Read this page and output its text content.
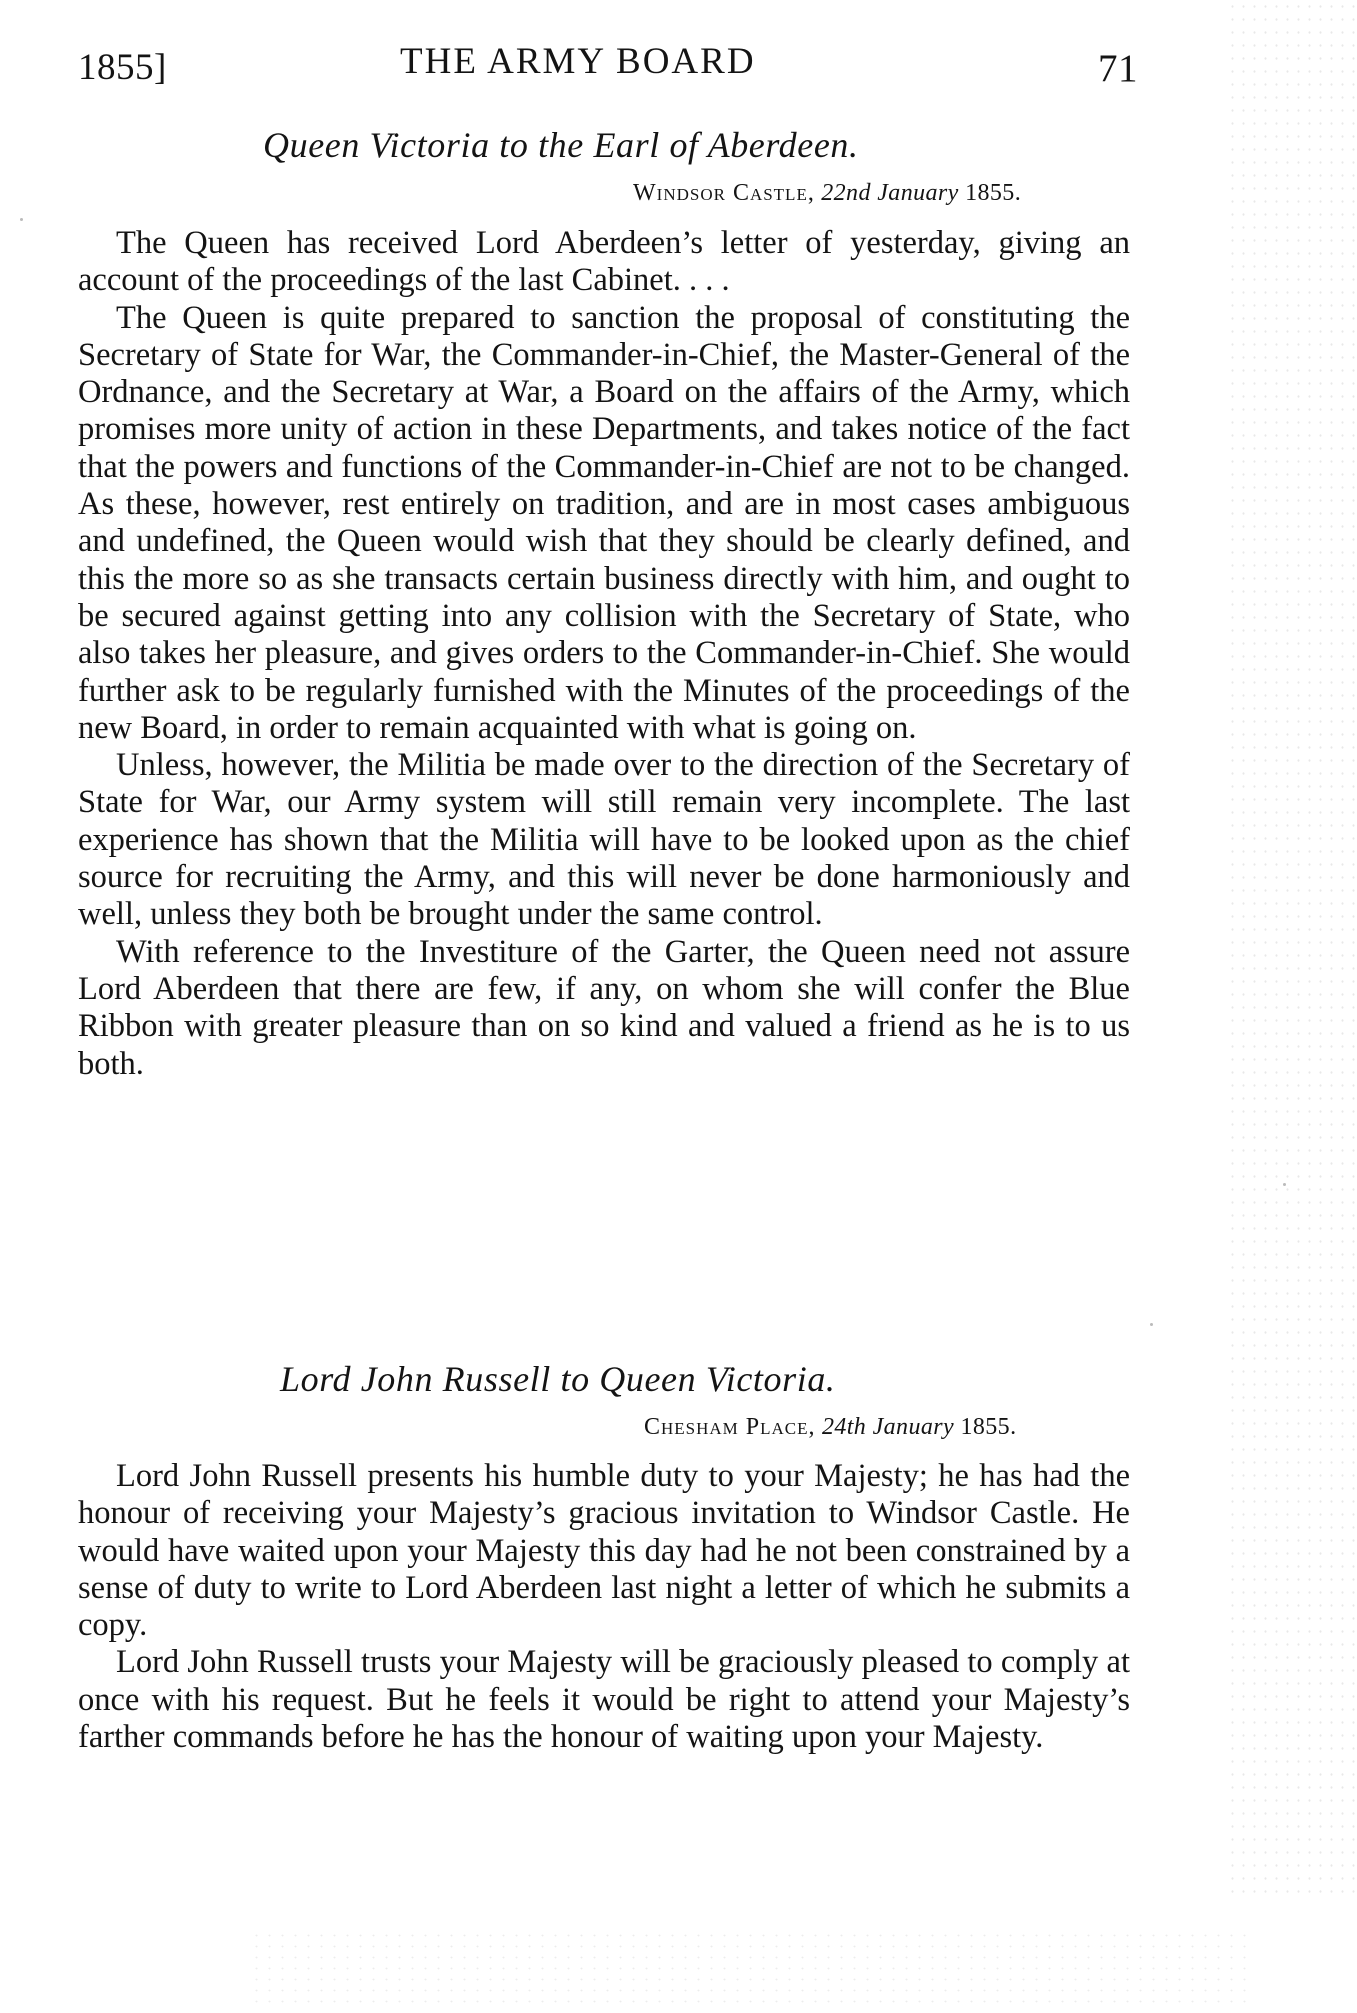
1855]	THE ARMY BOARD	71
Queen Victoria to the Earl of Aberdeen.
Windsor Castle, 22nd January 1855.

The Queen has received Lord Aberdeen’s letter of yesterday, giving an account of the proceedings of the last Cabinet. . . .

The Queen is quite prepared to sanction the proposal of constituting the Secretary of State for War, the Commander-in-Chief, the Master-General of the Ordnance, and the Secretary at War, a Board on the affairs of the Army, which promises more unity of action in these Departments, and takes notice of the fact that the powers and functions of the Commander-in-Chief are not to be changed. As these, however, rest entirely on tradition, and are in most cases ambiguous and undefined, the Queen would wish that they should be clearly defined, and this the more so as she transacts certain business directly with him, and ought to be secured against getting into any collision with the Secretary of State, who also takes her pleasure, and gives orders to the Commander-in-Chief. She would further ask to be regularly furnished with the Minutes of the proceedings of the new Board, in order to remain acquainted with what is going on.

Unless, however, the Militia be made over to the direction of the Secretary of State for War, our Army system will still remain very incomplete. The last experience has shown that the Militia will have to be looked upon as the chief source for recruiting the Army, and this will never be done harmoniously and well, unless they both be brought under the same control.

With reference to the Investiture of the Garter, the Queen need not assure Lord Aberdeen that there are few, if any, on whom she will confer the Blue Ribbon with greater pleasure than on so kind and valued a friend as he is to us both.

Lord John Russell to Queen Victoria.
Chesham Place, 24th January 1855.

Lord John Russell presents his humble duty to your Majesty; he has had the honour of receiving your Majesty’s gracious invitation to Windsor Castle. He would have waited upon your Majesty this day had he not been constrained by a sense of duty to write to Lord Aberdeen last night a letter of which he submits a copy.

Lord John Russell trusts your Majesty will be graciously pleased to comply at once with his request. But he feels it would be right to attend your Majesty’s farther commands before he has the honour of waiting upon your Majesty.
